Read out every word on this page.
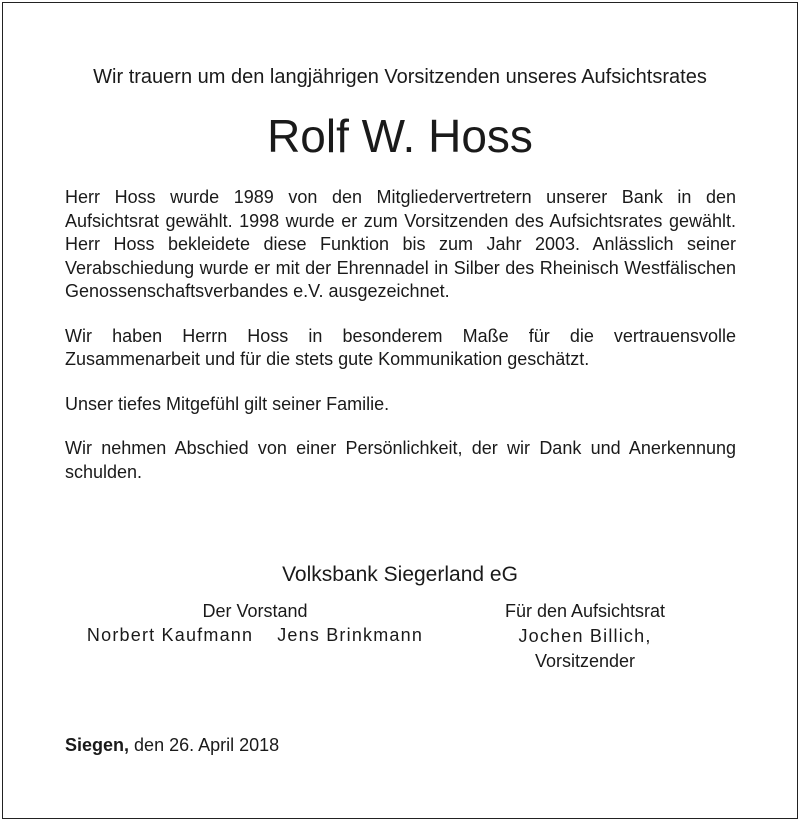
Wir trauern um den langjährigen Vorsitzenden unseres Aufsichtsrates
Rolf W. Hoss

Herr Hoss wurde 1989 von den Mitgliedervertretern unserer Bank in den Aufsichtsrat gewählt. 1998 wurde er zum Vorsitzenden des Aufsichtsrates gewählt. Herr Hoss bekleidete diese Funktion bis zum Jahr 2003. Anlässlich seiner Verabschiedung wurde er mit der Ehrennadel in Silber des Rheinisch Westfälischen Genossenschaftsverbandes e.V. ausgezeichnet.

Wir haben Herrn Hoss in besonderem Maße für die vertrauensvolle Zusammenarbeit und für die stets gute Kommunikation geschätzt.

Unser tiefes Mitgefühl gilt seiner Familie.

Wir nehmen Abschied von einer Persönlichkeit, der wir Dank und Anerkennung schulden.

Volksbank Siegerland eG
Der Vorstand
Norbert Kaufmann Jens Brinkmann
Für den Aufsichtsrat
Jochen Billich,
Vorsitzender
Siegen, den 26. April 2018
